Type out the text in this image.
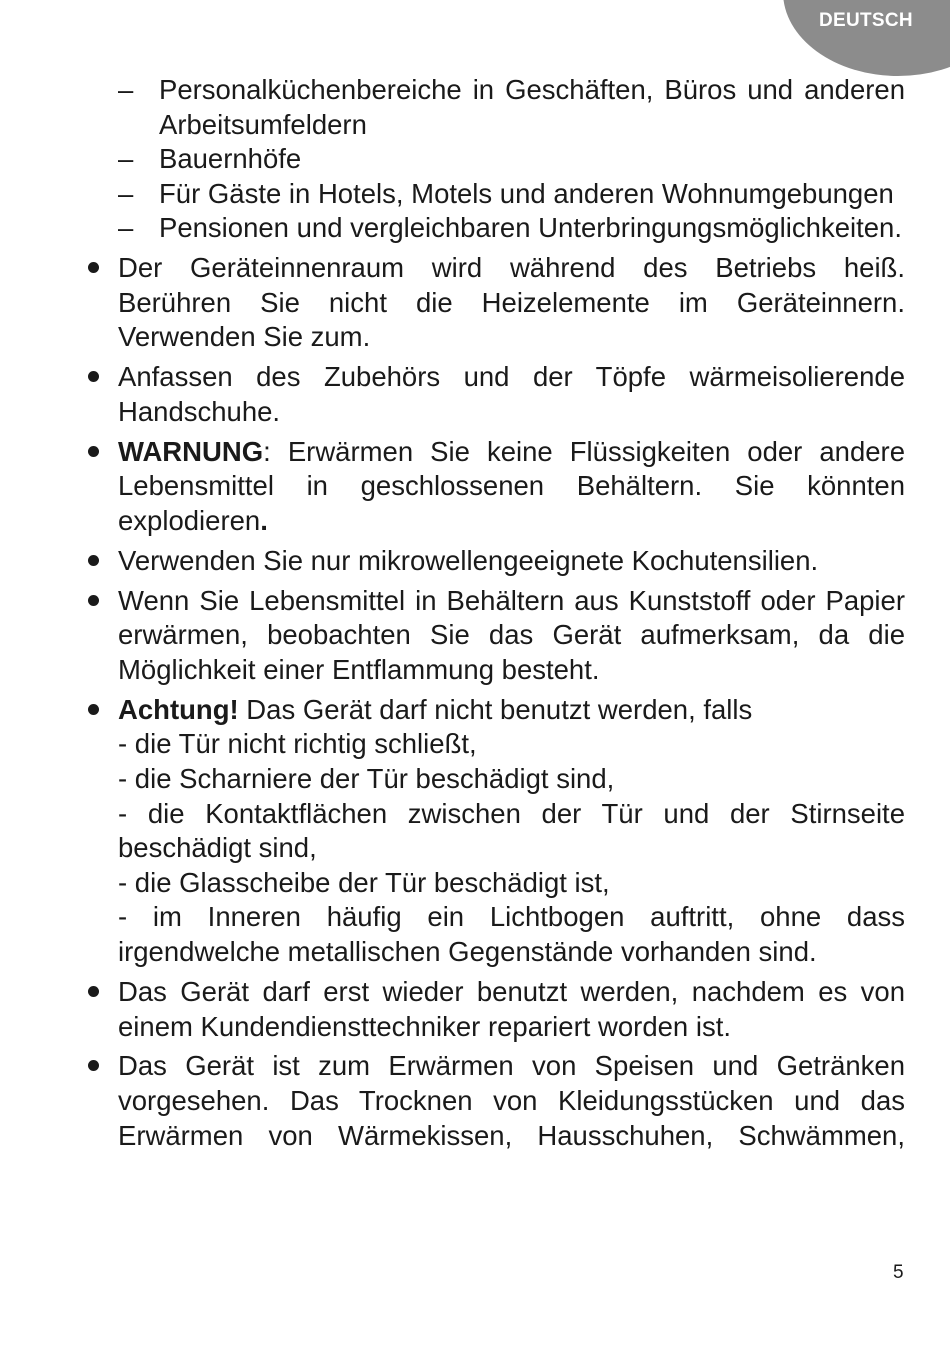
DEUTSCH
– Personalküchenbereiche in Geschäften, Büros und anderen Arbeitsumfeldern
– Bauernhöfe
– Für Gäste in Hotels, Motels und anderen Wohnumgebungen
– Pensionen und vergleichbaren Unterbringungsmöglichkeiten.
Der Geräteinnenraum wird während des Betriebs heiß. Berühren Sie nicht die Heizelemente im Geräteinnern. Verwenden Sie zum.
Anfassen des Zubehörs und der Töpfe wärmeisolierende Handschuhe.
WARNUNG: Erwärmen Sie keine Flüssigkeiten oder andere Lebensmittel in geschlossenen Behältern. Sie könnten explodieren.
Verwenden Sie nur mikrowellengeeignete Kochutensilien.
Wenn Sie Lebensmittel in Behältern aus Kunststoff oder Papier erwärmen, beobachten Sie das Gerät aufmerksam, da die Möglichkeit einer Entflammung besteht.
Achtung! Das Gerät darf nicht benutzt werden, falls
- die Tür nicht richtig schließt,
- die Scharniere der Tür beschädigt sind,
- die Kontaktflächen zwischen der Tür und der Stirnseite beschädigt sind,
- die Glasscheibe der Tür beschädigt ist,
- im Inneren häufig ein Lichtbogen auftritt, ohne dass irgendwelche metallischen Gegenstände vorhanden sind.
Das Gerät darf erst wieder benutzt werden, nachdem es von einem Kundendiensttechniker repariert worden ist.
Das Gerät ist zum Erwärmen von Speisen und Getränken vorgesehen. Das Trocknen von Kleidungsstücken und das Erwärmen von Wärmekissen, Hausschuhen, Schwämmen,
5
